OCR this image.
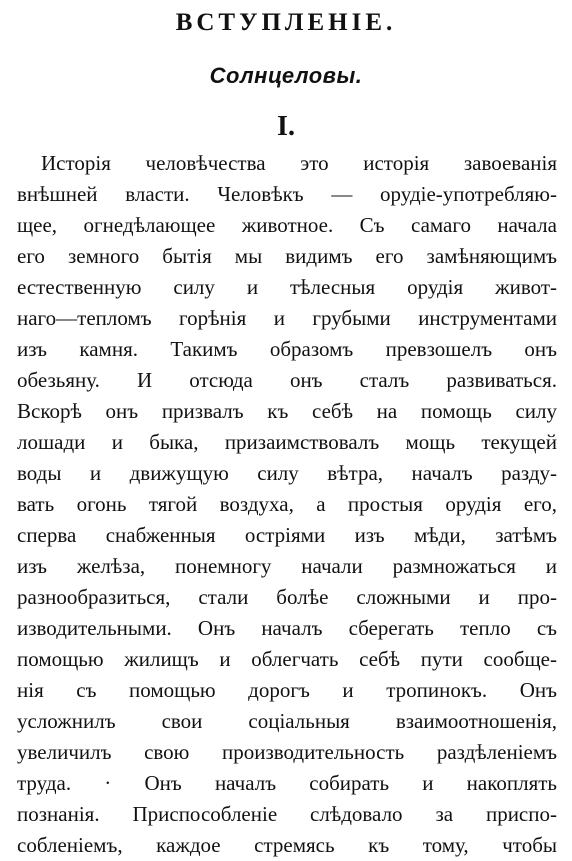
ВСТУПЛЕНІЕ.
Солнцеловы.
I.
Исторія человѣчества это исторія завоеванія
внѣшней власти. Человѣкъ — орудіе-употребляю-
щее, огнедѣлающее животное. Съ самаго начала
его земного бытія мы видимъ его замѣняющимъ
естественную силу и тѣлесныя орудія живот-
наго—тепломъ горѣнія и грубыми инструментами
изъ камня. Такимъ образомъ превзошелъ онъ
обезьяну. И отсюда онъ сталъ развиваться.
Вскорѣ онъ призвалъ къ себѣ на помощь силу
лошади и быка, призаимствовалъ мощь текущей
воды и движущую силу вѣтра, началъ разду-
вать огонь тягой воздуха, а простыя орудія его,
сперва снабженныя остріями изъ мѣди, затѣмъ
изъ желѣза, понемногу начали размножаться и
разнообразиться, стали болѣе сложными и про-
изводительными. Онъ началъ сберегать тепло съ
помощью жилищъ и облегчать себѣ пути сообще-
нія съ помощью дорогъ и тропинокъ. Онъ
усложнилъ свои соціальныя взаимоотношенія,
увеличилъ свою производительность раздѣленіемъ
труда. · Онъ началъ собирать и накоплять
познанія. Приспособленіе слѣдовало за приспо-
собленіемъ, каждое стремясь къ тому, чтобы
